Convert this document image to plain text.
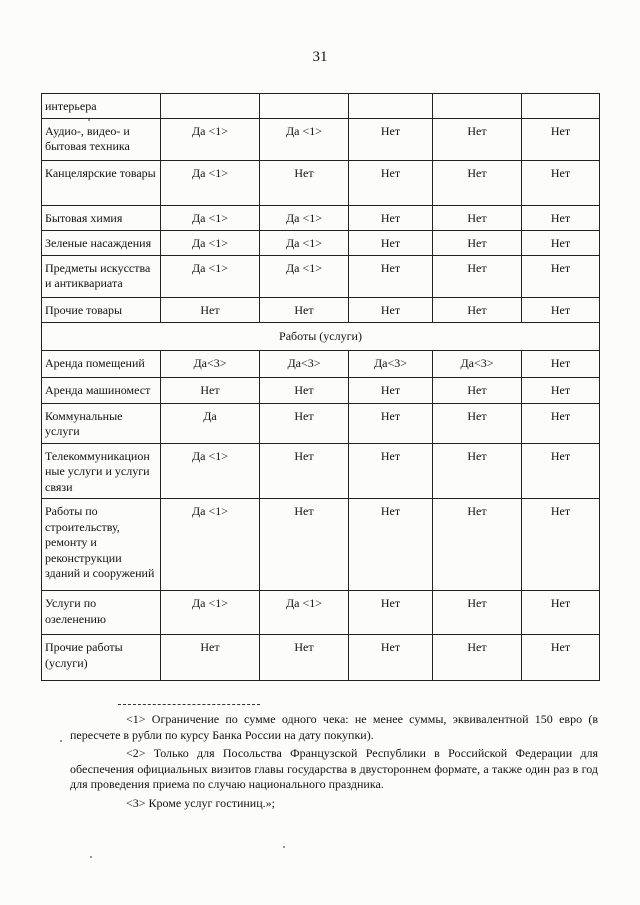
31
интерьера					
Аудио-, видео- и бытовая техника	Да <1>	Да <1>	Нет	Нет	Нет
Канцелярские товары	Да <1>	Нет	Нет	Нет	Нет
Бытовая химия	Да <1>	Да <1>	Нет	Нет	Нет
Зеленые насаждения	Да <1>	Да <1>	Нет	Нет	Нет
Предметы искусства и антиквариата	Да <1>	Да <1>	Нет	Нет	Нет
Прочие товары	Нет	Нет	Нет	Нет	Нет
Работы (услуги)					
Аренда помещений	Да<3>	Да<3>	Да<3>	Да<3>	Нет
Аренда машиномест	Нет	Нет	Нет	Нет	Нет
Коммунальные услуги	Да	Нет	Нет	Нет	Нет
Телекоммуникацион ные услуги и услуги связи	Да <1>	Нет	Нет	Нет	Нет
Работы по строительству, ремонту и реконструкции зданий и сооружений	Да <1>	Нет	Нет	Нет	Нет
Услуги по озеленению	Да <1>	Да <1>	Нет	Нет	Нет
Прочие работы (услуги)	Нет	Нет	Нет	Нет	Нет

<1> Ограничение по сумме одного чека: не менее суммы, эквивалентной 150 евро (в пересчете в рубли по курсу Банка России на дату покупки).

<2> Только для Посольства Французской Республики в Российской Федерации для обеспечения официальных визитов главы государства в двустороннем формате, а также один раз в год для проведения приема по случаю национального праздника.

<3> Кроме услуг гостиниц.»;
